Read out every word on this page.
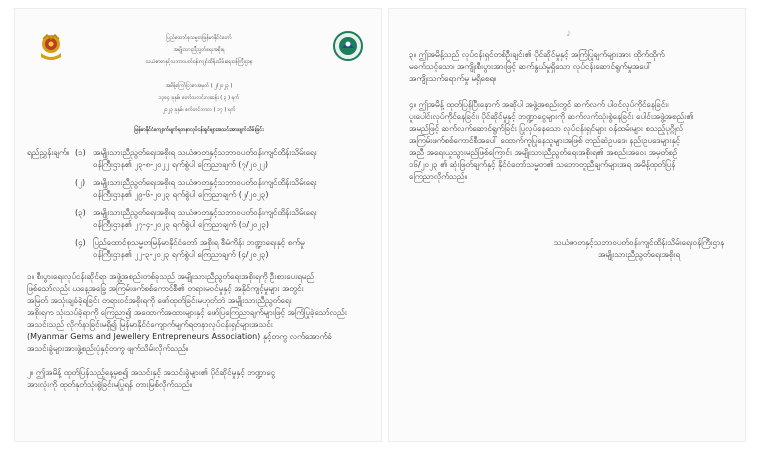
ပြည်ထောင်စုသမ္မတမြန်မာနိုင်ငံတော်
အမျိုးသားညီညွတ်ရေးအစိုးရ
သယံဇာတနှင့်သဘာဝပတ်ဝန်းကျင်ထိန်းသိမ်းရေးဝန်ကြီးဌာန
အမိန့်ကြော်ငြာစာအမှတ် ( ၂/၂၀၂၃ )
၁၃၈၄ ခုနှစ်၊ တော်သလင်းလဆန်း ( ၃ ) ရက်
၂၀၂၃ ခုနှစ်၊ စက်တင်ဘာလ ( ၁၇ ) ရက်
မြန်မာနိုင်ငံကျောက်မျက်ရတနာလုပ်ငန်းရှင်များအသင်းအားဖျက်သိမ်းခြင်း
ရည်ညွှန်းချက်။ (၁) အမျိုးသားညီညွတ်ရေးအစိုးရ သယံဇာတနှင့်သဘာဝပတ်ဝန်းကျင်ထိန်းသိမ်းရေး
ဝန်ကြီးဌာန၏ ၂၃-၈-၂၀၂၂ ရက်စွဲပါ ကြေညာချက် (၇/၂၀၂၂)
(၂) အမျိုးသားညီညွတ်ရေးအစိုးရ သယံဇာတနှင့်သဘာဝပတ်ဝန်းကျင်ထိန်းသိမ်းရေး
ဝန်ကြီးဌာန၏ ၂၉-၆-၂၀၂၃ ရက်စွဲပါ ကြေညာချက် (၂/၂၀၂၃)
(၃) အမျိုးသားညီညွတ်ရေးအစိုးရ သယံဇာတနှင့်သဘာဝပတ်ဝန်းကျင်ထိန်းသိမ်းရေး
ဝန်ကြီးဌာန၏ ၂၇-၄-၂၀၂၃ ရက်စွဲပါ ကြေညာချက် (၁/၂၀၂၃)
(၄) ပြည်ထောင်စုသမ္မတမြန်မာနိုင်ငံတော် အစိုးရ စီမံကိန်း ဘဏ္ဍာရေးနှင့် စက်မှု
ဝန်ကြီးဌာန၏ ၂၂-၃-၂၀၂၃ ရက်စွဲပါ ကြေညာချက် (၄/၂၀၂၃)
၁။ စီးပွားရေးလုပ်ငန်းဆိုင်ရာ အဖွဲ့အစည်းတစ်ခုသည် အမျိုးသားညီညွတ်ရေးအစိုးရကို ဦးစားပေးရမည်
ဖြစ်သော်လည်း ယနေ့အခြေ့ အကြမ်းဖက်စစ်ကောင်စီ၏ တရားမဝင်မှုနှင့် အနိုင်ကျင့်မှုများ အတွင်း
အမြတ် အသုံးချခံခဲ့ရခြင်း တရားဝင်အစိုးရကို ဖော်ထုတ်ခြင်းမဟုတ်ဘဲ အမျိုးသားညီညွတ်ရေး
အစိုးရက သုံးသပ်ခဲ့ရာကို ကြေညာ၍ အထောက်အထားများနှင့် ဖော်ပြကြေညာချက်များဖြင့် အကြံပြုခဲ့သော်လည်း
အသင်းသည် လိုက်နာခြင်းမရှိ၍ မြန်မာနိုင်ငံကျောက်မျက်ရတနာလုပ်ငန်းရှင်များအသင်း
(Myanmar Gems and Jewellery Entrepreneurs Association) နှင့်တကွ လက်အောက်ခံ
အသင်းခွဲများအားဖွဲ့စည်းပုံနှင့်တကွ ဖျက်သိမ်းလိုက်သည်။
၂။ ဤအမိန့် ထုတ်ပြန်သည့်နေ့မှစ၍ အသင်းနှင့် အသင်းခွဲများ၏ ပိုင်ဆိုင်မှုနှင့် ဘဏ္ဍာငွေ
အားလုံးကို ထုတ်နုတ်သုံးစွဲခြင်းမပြုရန် တားမြစ်လိုက်သည်။
၂
၃။ ဤအမိန့်သည် လုပ်ငန်းရှင်တစ်ဦးချင်း၏ ပိုင်ဆိုင်မှုနှင့် အကြံပြုချက်များအား ထိုက်ထိုက်
မခက်သင့်သော၊ အကျိုးစီးပွားအားဖြင့် ဆက်နွယ်မှုရှိသော လုပ်ငန်းဆောင်ရွက်မှုအပေါ်
အကျိုးသက်ရောက်မှု မရှိစေရ။
၄။ ဤအမိန့် ထုတ်ပြန်ပြီးနောက် အဆိုပါ အဖွဲ့အစည်းတွင် ဆက်လက် ပါဝင်လုပ်ကိုင်နေခြင်း၊
ပူးပေါင်းလုပ်ကိုင်နေခြင်း၊ ပိုင်ဆိုင်မှုနှင့် ဘဏ္ဍာငွေများကို ဆက်လက်သုံးစွဲနေခြင်း ပေါင်းအဖွဲ့အစည်း၏
အမည်ဖြင့် ဆက်လက်ဆောင်ရွက်ခြင်း ပြုလုပ်နေသော လုပ်ငန်းရှင်များ ဝန်ထမ်းများ စသည့်ပုဂ္ဂိုလ်
အကြမ်းဖက်စစ်ကောင်စီအပေါ် ထောက်ကူပြုနေသူများအဖြစ် တည်ဆဲဥပဒေ၊ နည်းဥပဒေများနှင့်
အညီ အရေးယူသွားမည်ဖြစ်ကြောင်း အမျိုးသားညီညွတ်ရေးအစိုးရ၏ အစည်းအဝေး အမှတ်စဉ်
၁၆/၂၀၂၃ ၏ ဆုံးဖြတ်ချက်နှင့် နိုင်ငံတော်သမ္မတ၏ သဘောတူညီချက်များအရ အမိန့်ထုတ်ပြန်
ကြေညာလိုက်သည်။
သယံဇာတနှင့်သဘာဝပတ်ဝန်းကျင်ထိန်းသိမ်းရေးဝန်ကြီးဌာန
အမျိုးသားညီညွတ်ရေးအစိုးရ
